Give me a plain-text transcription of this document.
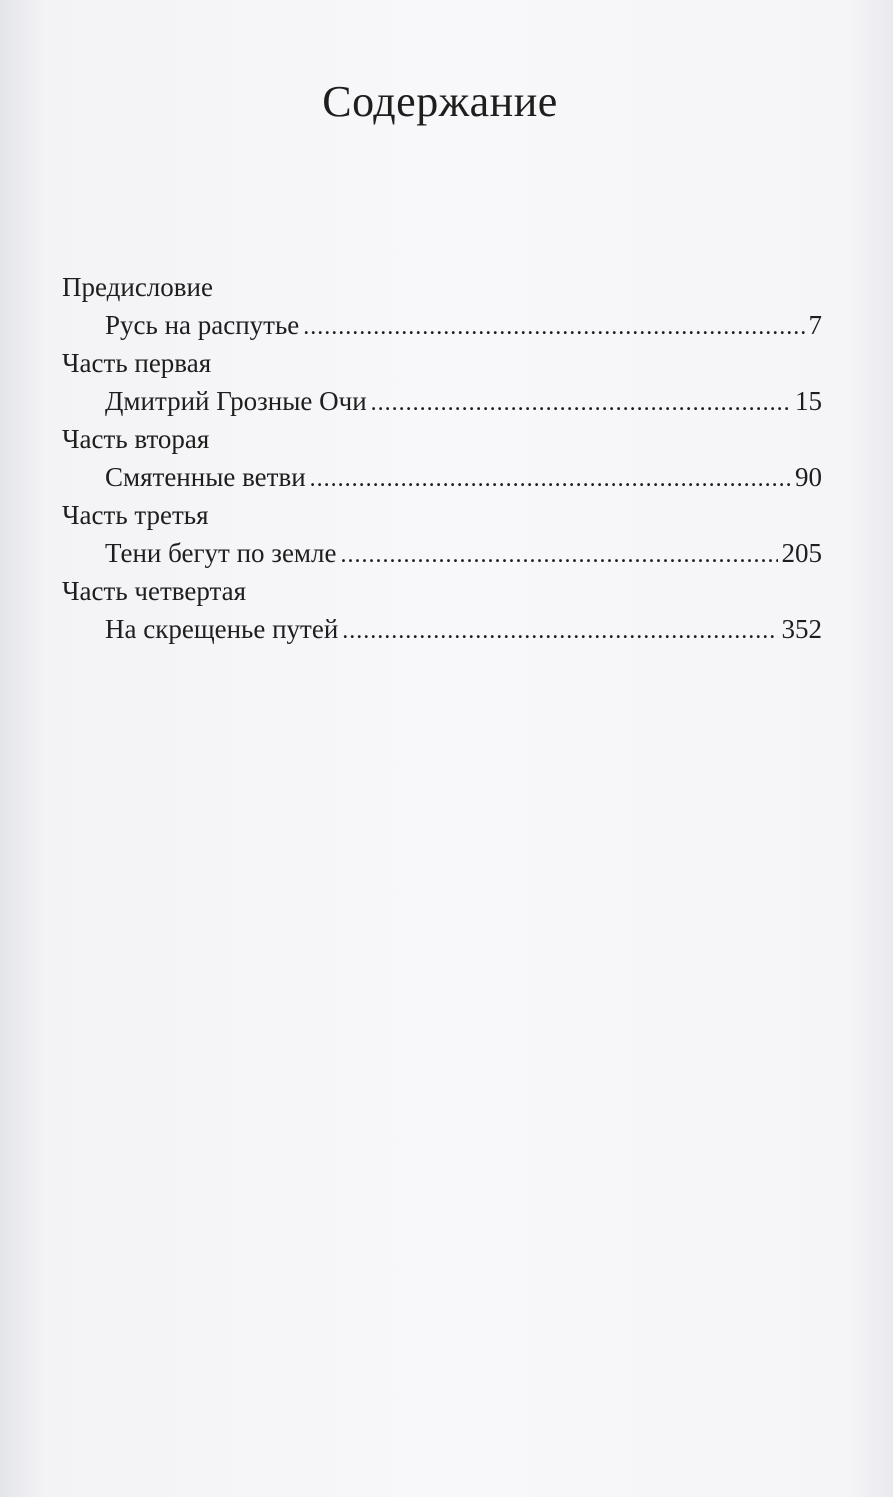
Содержание
Предисловие
Русь на распутье .....	7
Часть первая
Дмитрий Грозные Очи .....	15
Часть вторая
Смятенные ветви .....	90
Часть третья
Тени бегут по земле .....	205
Часть четвертая
На скрещенье путей .....	352
